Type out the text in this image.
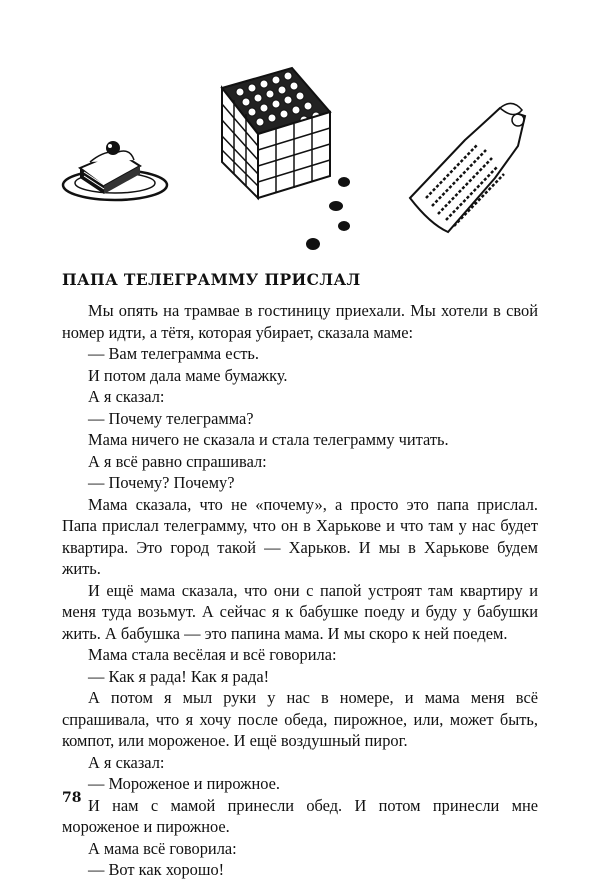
ПАПА ТЕЛЕГРАММУ ПРИСЛАЛ

Мы опять на трамвае в гостиницу приехали. Мы хотели в свой номер идти, а тётя, которая убирает, сказала маме:

— Вам телеграмма есть.

И потом дала маме бумажку.

А я сказал:

— Почему телеграмма?

Мама ничего не сказала и стала телеграмму читать.

А я всё равно спрашивал:

— Почему? Почему?

Мама сказала, что не «почему», а просто это папа прислал. Папа прислал телеграмму, что он в Харькове и что там у нас будет квартира. Это город такой — Харьков. И мы в Харькове будем жить.

И ещё мама сказала, что они с папой устроят там квартиру и меня туда возьмут. А сейчас я к бабушке поеду и буду у бабушки жить. А бабушка — это папина мама. И мы скоро к ней поедем.

Мама стала весёлая и всё говорила:

— Как я рада! Как я рада!

А потом я мыл руки у нас в номере, и мама меня всё спрашивала, что я хочу после обеда, пирожное, или, может быть, компот, или мороженое. И ещё воздушный пирог.

А я сказал:

— Мороженое и пирожное.

И нам с мамой принесли обед. И потом принесли мне мороженое и пирожное.

А мама всё говорила:

— Вот как хорошо!

78
